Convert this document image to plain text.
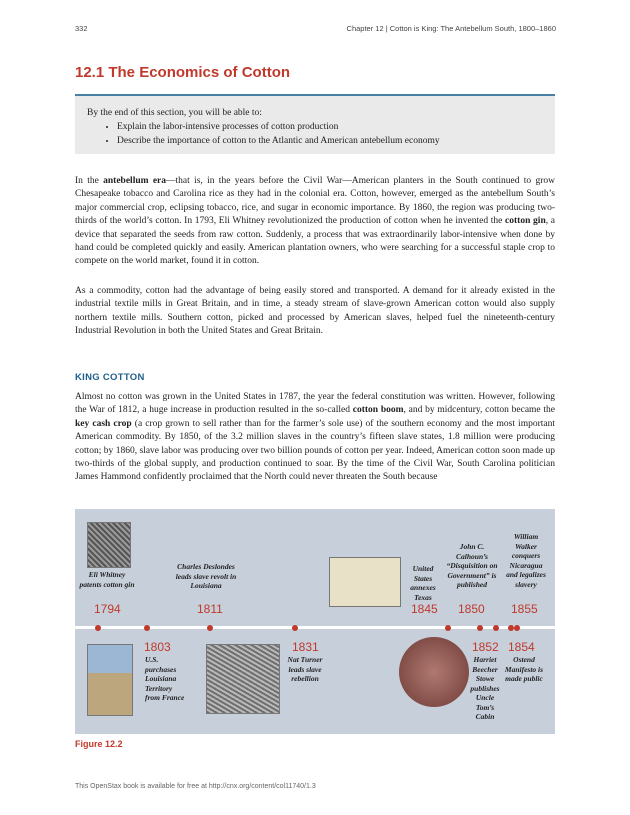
332	Chapter 12 | Cotton is King: The Antebellum South, 1800–1860
12.1 The Economics of Cotton
By the end of this section, you will be able to:
• Explain the labor-intensive processes of cotton production
• Describe the importance of cotton to the Atlantic and American antebellum economy

In the antebellum era—that is, in the years before the Civil War—American planters in the South continued to grow Chesapeake tobacco and Carolina rice as they had in the colonial era. Cotton, however, emerged as the antebellum South’s major commercial crop, eclipsing tobacco, rice, and sugar in economic importance. By 1860, the region was producing two-thirds of the world’s cotton. In 1793, Eli Whitney revolutionized the production of cotton when he invented the cotton gin, a device that separated the seeds from raw cotton. Suddenly, a process that was extraordinarily labor-intensive when done by hand could be completed quickly and easily. American plantation owners, who were searching for a successful staple crop to compete on the world market, found it in cotton.

As a commodity, cotton had the advantage of being easily stored and transported. A demand for it already existed in the industrial textile mills in Great Britain, and in time, a steady stream of slave-grown American cotton would also supply northern textile mills. Southern cotton, picked and processed by American slaves, helped fuel the nineteenth-century Industrial Revolution in both the United States and Great Britain.

KING COTTON

Almost no cotton was grown in the United States in 1787, the year the federal constitution was written. However, following the War of 1812, a huge increase in production resulted in the so-called cotton boom, and by midcentury, cotton became the key cash crop (a crop grown to sell rather than for the farmer’s sole use) of the southern economy and the most important American commodity. By 1850, of the 3.2 million slaves in the country’s fifteen slave states, 1.8 million were producing cotton; by 1860, slave labor was producing over two billion pounds of cotton per year. Indeed, American cotton soon made up two-thirds of the global supply, and production continued to soar. By the time of the Civil War, South Carolina politician James Hammond confidently proclaimed that the North could never threaten the South because

Eli Whitney patents cotton gin
1794
Charles Deslondes leads slave revolt in Louisiana
1811
United States annexes Texas
1845
John C. Calhoun’s “Disquisition on Government” is published
1850
William Walker conquers Nicaragua and legalizes slavery
1855
1803
U.S. purchases Louisiana Territory from France
1831
Nat Turner leads slave rebellion
1852
Harriet Beecher Stowe publishes Uncle Tom’s Cabin
1854
Ostend Manifesto is made public
Figure 12.2
This OpenStax book is available for free at http://cnx.org/content/col11740/1.3
